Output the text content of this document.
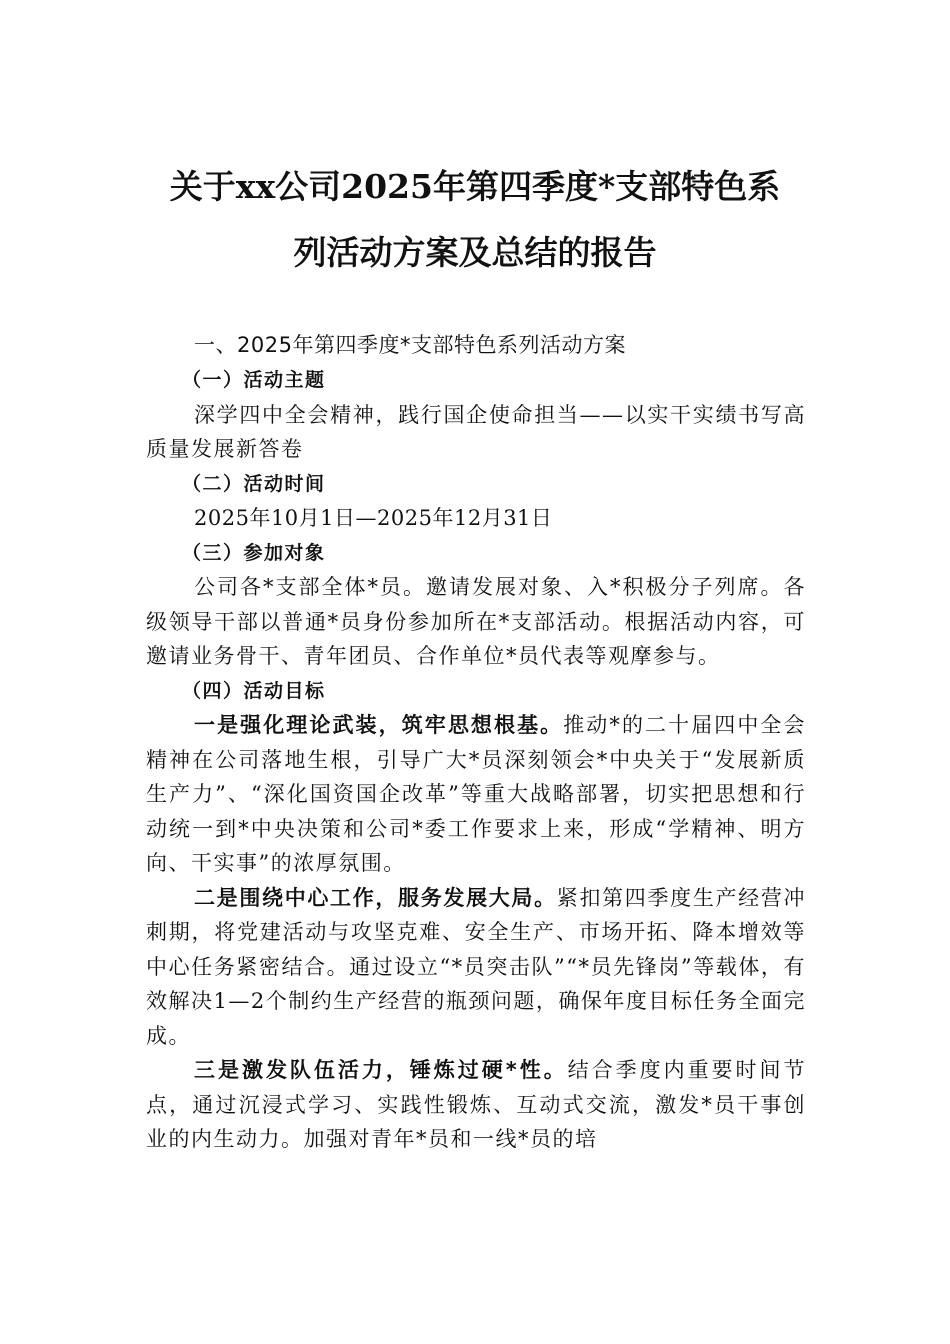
关于xx公司2025年第四季度*支部特色系
列活动方案及总结的报告
一、2025年第四季度*支部特色系列活动方案
（一）活动主题

深学四中全会精神，践行国企使命担当——以实干实绩书写高质量发展新答卷

（二）活动时间

2025年10月1日—2025年12月31日

（三）参加对象

公司各*支部全体*员。邀请发展对象、入*积极分子列席。各级领导干部以普通*员身份参加所在*支部活动。根据活动内容，可邀请业务骨干、青年团员、合作单位*员代表等观摩参与。

（四）活动目标

一是强化理论武装，筑牢思想根基。推动*的二十届四中全会精神在公司落地生根，引导广大*员深刻领会*中央关于“发展新质生产力”、“深化国资国企改革”等重大战略部署，切实把思想和行动统一到*中央决策和公司*委工作要求上来，形成“学精神、明方向、干实事”的浓厚氛围。

二是围绕中心工作，服务发展大局。紧扣第四季度生产经营冲刺期，将党建活动与攻坚克难、安全生产、市场开拓、降本增效等中心任务紧密结合。通过设立“*员突击队”“*员先锋岗”等载体，有效解决1—2个制约生产经营的瓶颈问题，确保年度目标任务全面完成。

三是激发队伍活力，锤炼过硬*性。结合季度内重要时间节点，通过沉浸式学习、实践性锻炼、互动式交流，激发*员干事创业的内生动力。加强对青年*员和一线*员的培
